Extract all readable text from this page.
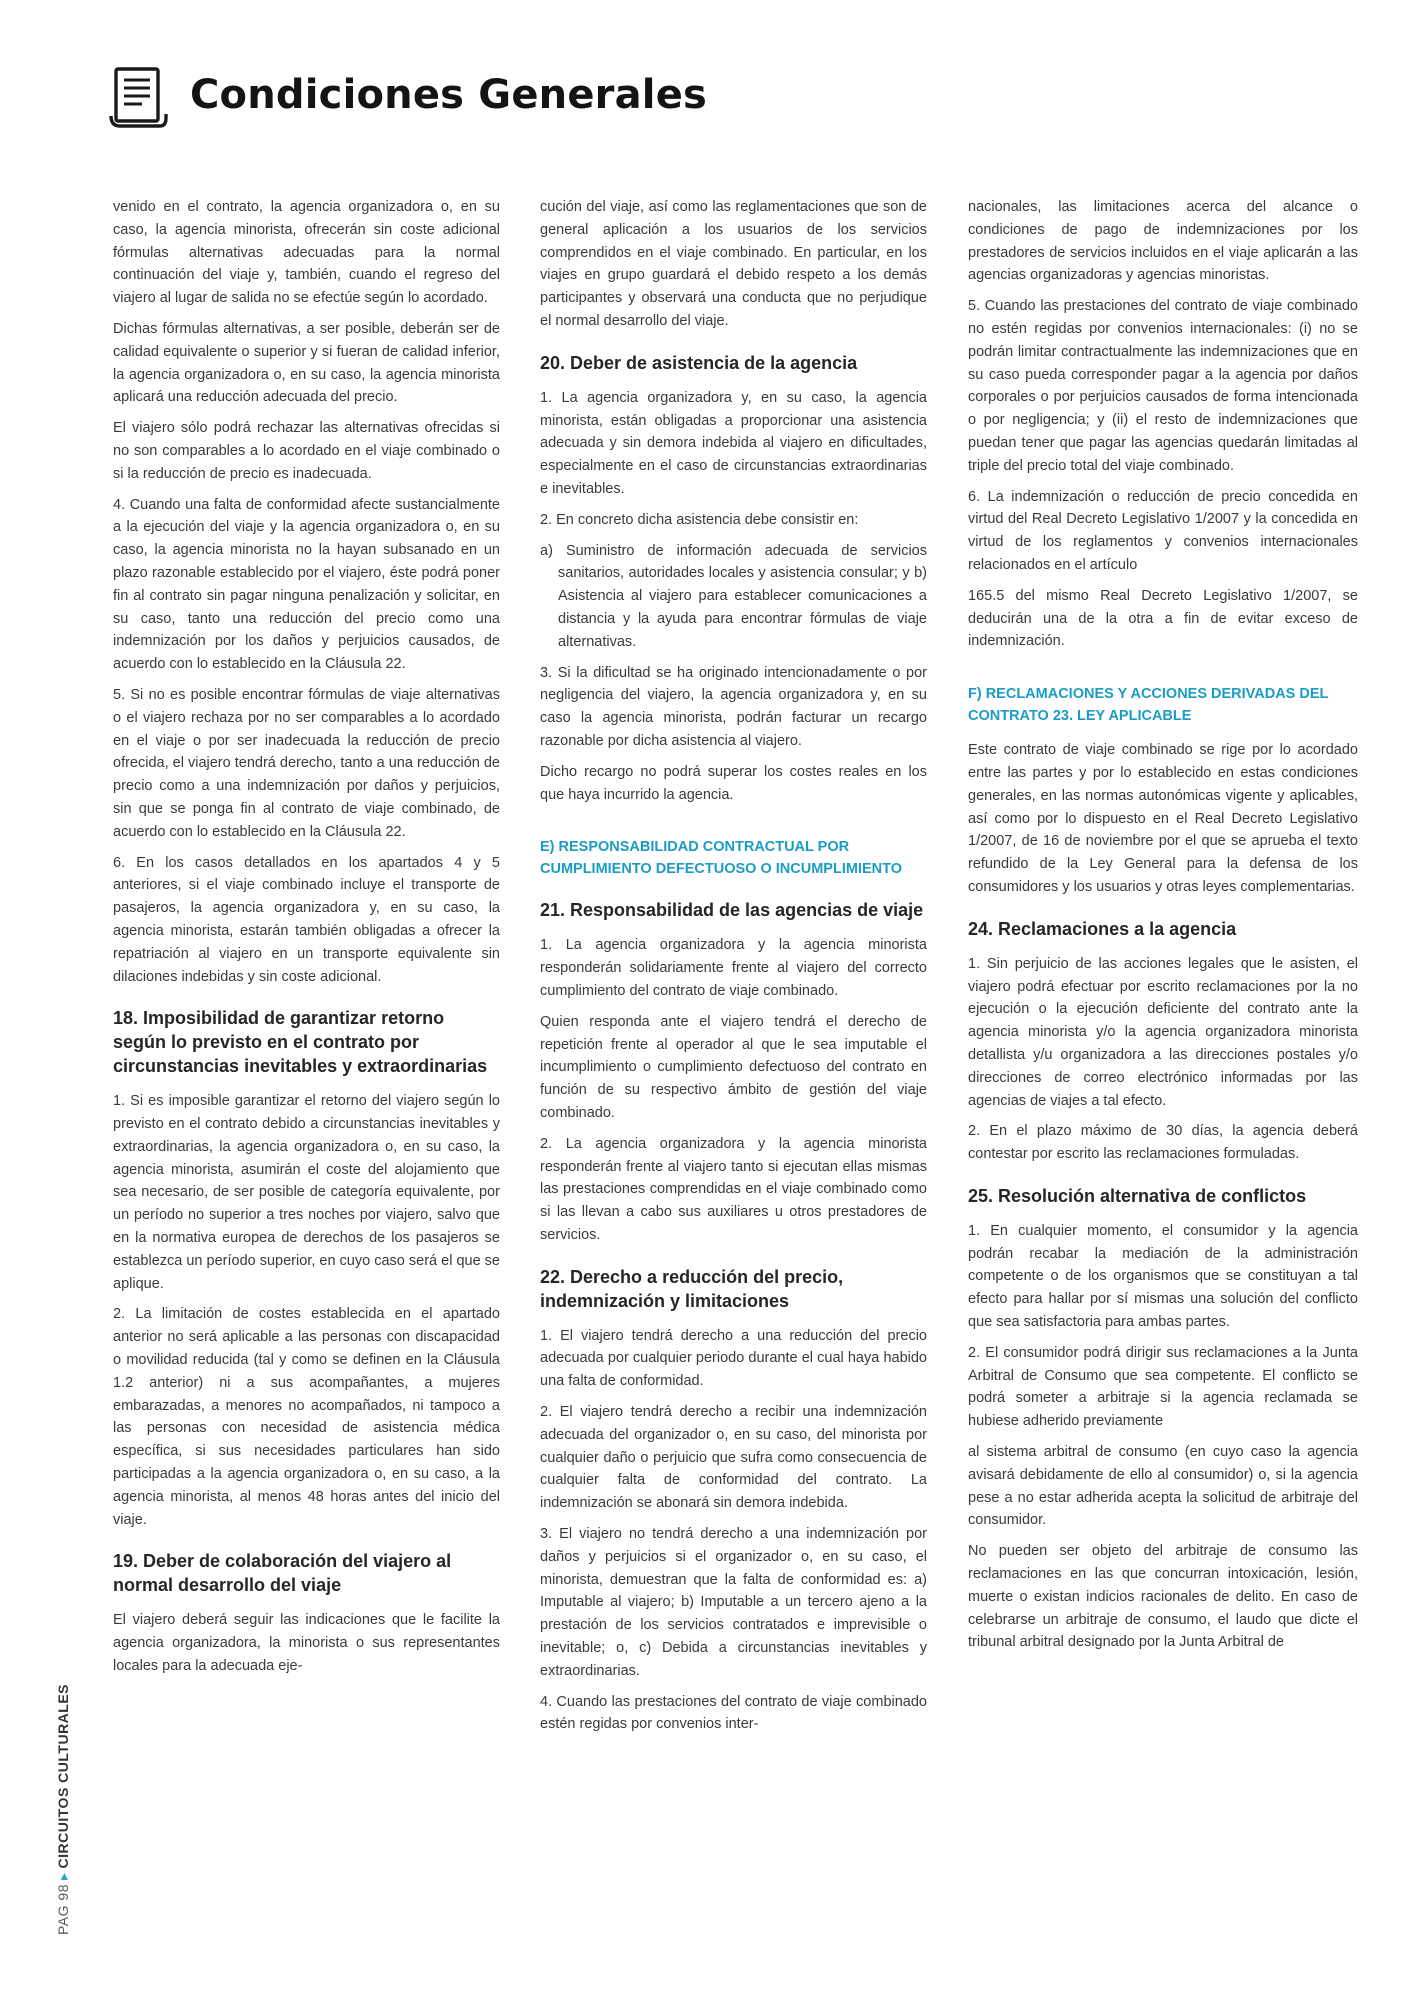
Condiciones Generales
PAG 98▸CIRCUITOS CULTURALES

venido en el contrato, la agencia organizadora o, en su caso, la agencia minorista, ofrecerán sin coste adicional fórmulas alternativas adecuadas para la normal continuación del viaje y, también, cuando el regreso del viajero al lugar de salida no se efectúe según lo acordado.

Dichas fórmulas alternativas, a ser posible, deberán ser de calidad equivalente o superior y si fueran de calidad inferior, la agencia organizadora o, en su caso, la agencia minorista aplicará una reducción adecuada del precio.

El viajero sólo podrá rechazar las alternativas ofrecidas si no son comparables a lo acordado en el viaje combinado o si la reducción de precio es inadecuada.

4. Cuando una falta de conformidad afecte sustancialmente a la ejecución del viaje y la agencia organizadora o, en su caso, la agencia minorista no la hayan subsanado en un plazo razonable establecido por el viajero, éste podrá poner fin al contrato sin pagar ninguna penalización y solicitar, en su caso, tanto una reducción del precio como una indemnización por los daños y perjuicios causados, de acuerdo con lo establecido en la Cláusula 22.

5. Si no es posible encontrar fórmulas de viaje alternativas o el viajero rechaza por no ser comparables a lo acordado en el viaje o por ser inadecuada la reducción de precio ofrecida, el viajero tendrá derecho, tanto a una reducción de precio como a una indemnización por daños y perjuicios, sin que se ponga fin al contrato de viaje combinado, de acuerdo con lo establecido en la Cláusula 22.

6. En los casos detallados en los apartados 4 y 5 anteriores, si el viaje combinado incluye el transporte de pasajeros, la agencia organizadora y, en su caso, la agencia minorista, estarán también obligadas a ofrecer la repatriación al viajero en un transporte equivalente sin dilaciones indebidas y sin coste adicional.

18. Imposibilidad de garantizar retorno según lo previsto en el contrato por circunstancias inevitables y extraordinarias

1. Si es imposible garantizar el retorno del viajero según lo previsto en el contrato debido a circunstancias inevitables y extraordinarias, la agencia organizadora o, en su caso, la agencia minorista, asumirán el coste del alojamiento que sea necesario, de ser posible de categoría equivalente, por un período no superior a tres noches por viajero, salvo que en la normativa europea de derechos de los pasajeros se establezca un período superior, en cuyo caso será el que se aplique.

2. La limitación de costes establecida en el apartado anterior no será aplicable a las personas con discapacidad o movilidad reducida (tal y como se definen en la Cláusula 1.2 anterior) ni a sus acompañantes, a mujeres embarazadas, a menores no acompañados, ni tampoco a las personas con necesidad de asistencia médica específica, si sus necesidades particulares han sido participadas a la agencia organizadora o, en su caso, a la agencia minorista, al menos 48 horas antes del inicio del viaje.

19. Deber de colaboración del viajero al normal desarrollo del viaje

El viajero deberá seguir las indicaciones que le facilite la agencia organizadora, la minorista o sus representantes locales para la adecuada eje-

cución del viaje, así como las reglamentaciones que son de general aplicación a los usuarios de los servicios comprendidos en el viaje combinado. En particular, en los viajes en grupo guardará el debido respeto a los demás participantes y observará una conducta que no perjudique el normal desarrollo del viaje.

20. Deber de asistencia de la agencia

1. La agencia organizadora y, en su caso, la agencia minorista, están obligadas a proporcionar una asistencia adecuada y sin demora indebida al viajero en dificultades, especialmente en el caso de circunstancias extraordinarias e inevitables.

2. En concreto dicha asistencia debe consistir en:

a) Suministro de información adecuada de servicios sanitarios, autoridades locales y asistencia consular; y b) Asistencia al viajero para establecer comunicaciones a distancia y la ayuda para encontrar fórmulas de viaje alternativas.

3. Si la dificultad se ha originado intencionadamente o por negligencia del viajero, la agencia organizadora y, en su caso la agencia minorista, podrán facturar un recargo razonable por dicha asistencia al viajero.

Dicho recargo no podrá superar los costes reales en los que haya incurrido la agencia.

E) RESPONSABILIDAD CONTRACTUAL POR CUMPLIMIENTO DEFECTUOSO O INCUMPLIMIENTO
21. Responsabilidad de las agencias de viaje

1. La agencia organizadora y la agencia minorista responderán solidariamente frente al viajero del correcto cumplimiento del contrato de viaje combinado.

Quien responda ante el viajero tendrá el derecho de repetición frente al operador al que le sea imputable el incumplimiento o cumplimiento defectuoso del contrato en función de su respectivo ámbito de gestión del viaje combinado.

2. La agencia organizadora y la agencia minorista responderán frente al viajero tanto si ejecutan ellas mismas las prestaciones comprendidas en el viaje combinado como si las llevan a cabo sus auxiliares u otros prestadores de servicios.

22. Derecho a reducción del precio, indemnización y limitaciones

1. El viajero tendrá derecho a una reducción del precio adecuada por cualquier periodo durante el cual haya habido una falta de conformidad.

2. El viajero tendrá derecho a recibir una indemnización adecuada del organizador o, en su caso, del minorista por cualquier daño o perjuicio que sufra como consecuencia de cualquier falta de conformidad del contrato. La indemnización se abonará sin demora indebida.

3. El viajero no tendrá derecho a una indemnización por daños y perjuicios si el organizador o, en su caso, el minorista, demuestran que la falta de conformidad es: a) Imputable al viajero; b) Imputable a un tercero ajeno a la prestación de los servicios contratados e imprevisible o inevitable; o, c) Debida a circunstancias inevitables y extraordinarias.

4. Cuando las prestaciones del contrato de viaje combinado estén regidas por convenios inter-

nacionales, las limitaciones acerca del alcance o condiciones de pago de indemnizaciones por los prestadores de servicios incluidos en el viaje aplicarán a las agencias organizadoras y agencias minoristas.

5. Cuando las prestaciones del contrato de viaje combinado no estén regidas por convenios internacionales: (i) no se podrán limitar contractualmente las indemnizaciones que en su caso pueda corresponder pagar a la agencia por daños corporales o por perjuicios causados de forma intencionada o por negligencia; y (ii) el resto de indemnizaciones que puedan tener que pagar las agencias quedarán limitadas al triple del precio total del viaje combinado.

6. La indemnización o reducción de precio concedida en virtud del Real Decreto Legislativo 1/2007 y la concedida en virtud de los reglamentos y convenios internacionales relacionados en el artículo

165.5 del mismo Real Decreto Legislativo 1/2007, se deducirán una de la otra a fin de evitar exceso de indemnización.

F) RECLAMACIONES Y ACCIONES DERIVADAS DEL CONTRATO 23. LEY APLICABLE

Este contrato de viaje combinado se rige por lo acordado entre las partes y por lo establecido en estas condiciones generales, en las normas autonómicas vigente y aplicables, así como por lo dispuesto en el Real Decreto Legislativo 1/2007, de 16 de noviembre por el que se aprueba el texto refundido de la Ley General para la defensa de los consumidores y los usuarios y otras leyes complementarias.

24. Reclamaciones a la agencia

1. Sin perjuicio de las acciones legales que le asisten, el viajero podrá efectuar por escrito reclamaciones por la no ejecución o la ejecución deficiente del contrato ante la agencia minorista y/o la agencia organizadora minorista detallista y/u organizadora a las direcciones postales y/o direcciones de correo electrónico informadas por las agencias de viajes a tal efecto.

2. En el plazo máximo de 30 días, la agencia deberá contestar por escrito las reclamaciones formuladas.

25. Resolución alternativa de conflictos

1. En cualquier momento, el consumidor y la agencia podrán recabar la mediación de la administración competente o de los organismos que se constituyan a tal efecto para hallar por sí mismas una solución del conflicto que sea satisfactoria para ambas partes.

2. El consumidor podrá dirigir sus reclamaciones a la Junta Arbitral de Consumo que sea competente. El conflicto se podrá someter a arbitraje si la agencia reclamada se hubiese adherido previamente

al sistema arbitral de consumo (en cuyo caso la agencia avisará debidamente de ello al consumidor) o, si la agencia pese a no estar adherida acepta la solicitud de arbitraje del consumidor.

No pueden ser objeto del arbitraje de consumo las reclamaciones en las que concurran intoxicación, lesión, muerte o existan indicios racionales de delito. En caso de celebrarse un arbitraje de consumo, el laudo que dicte el tribunal arbitral designado por la Junta Arbitral de
